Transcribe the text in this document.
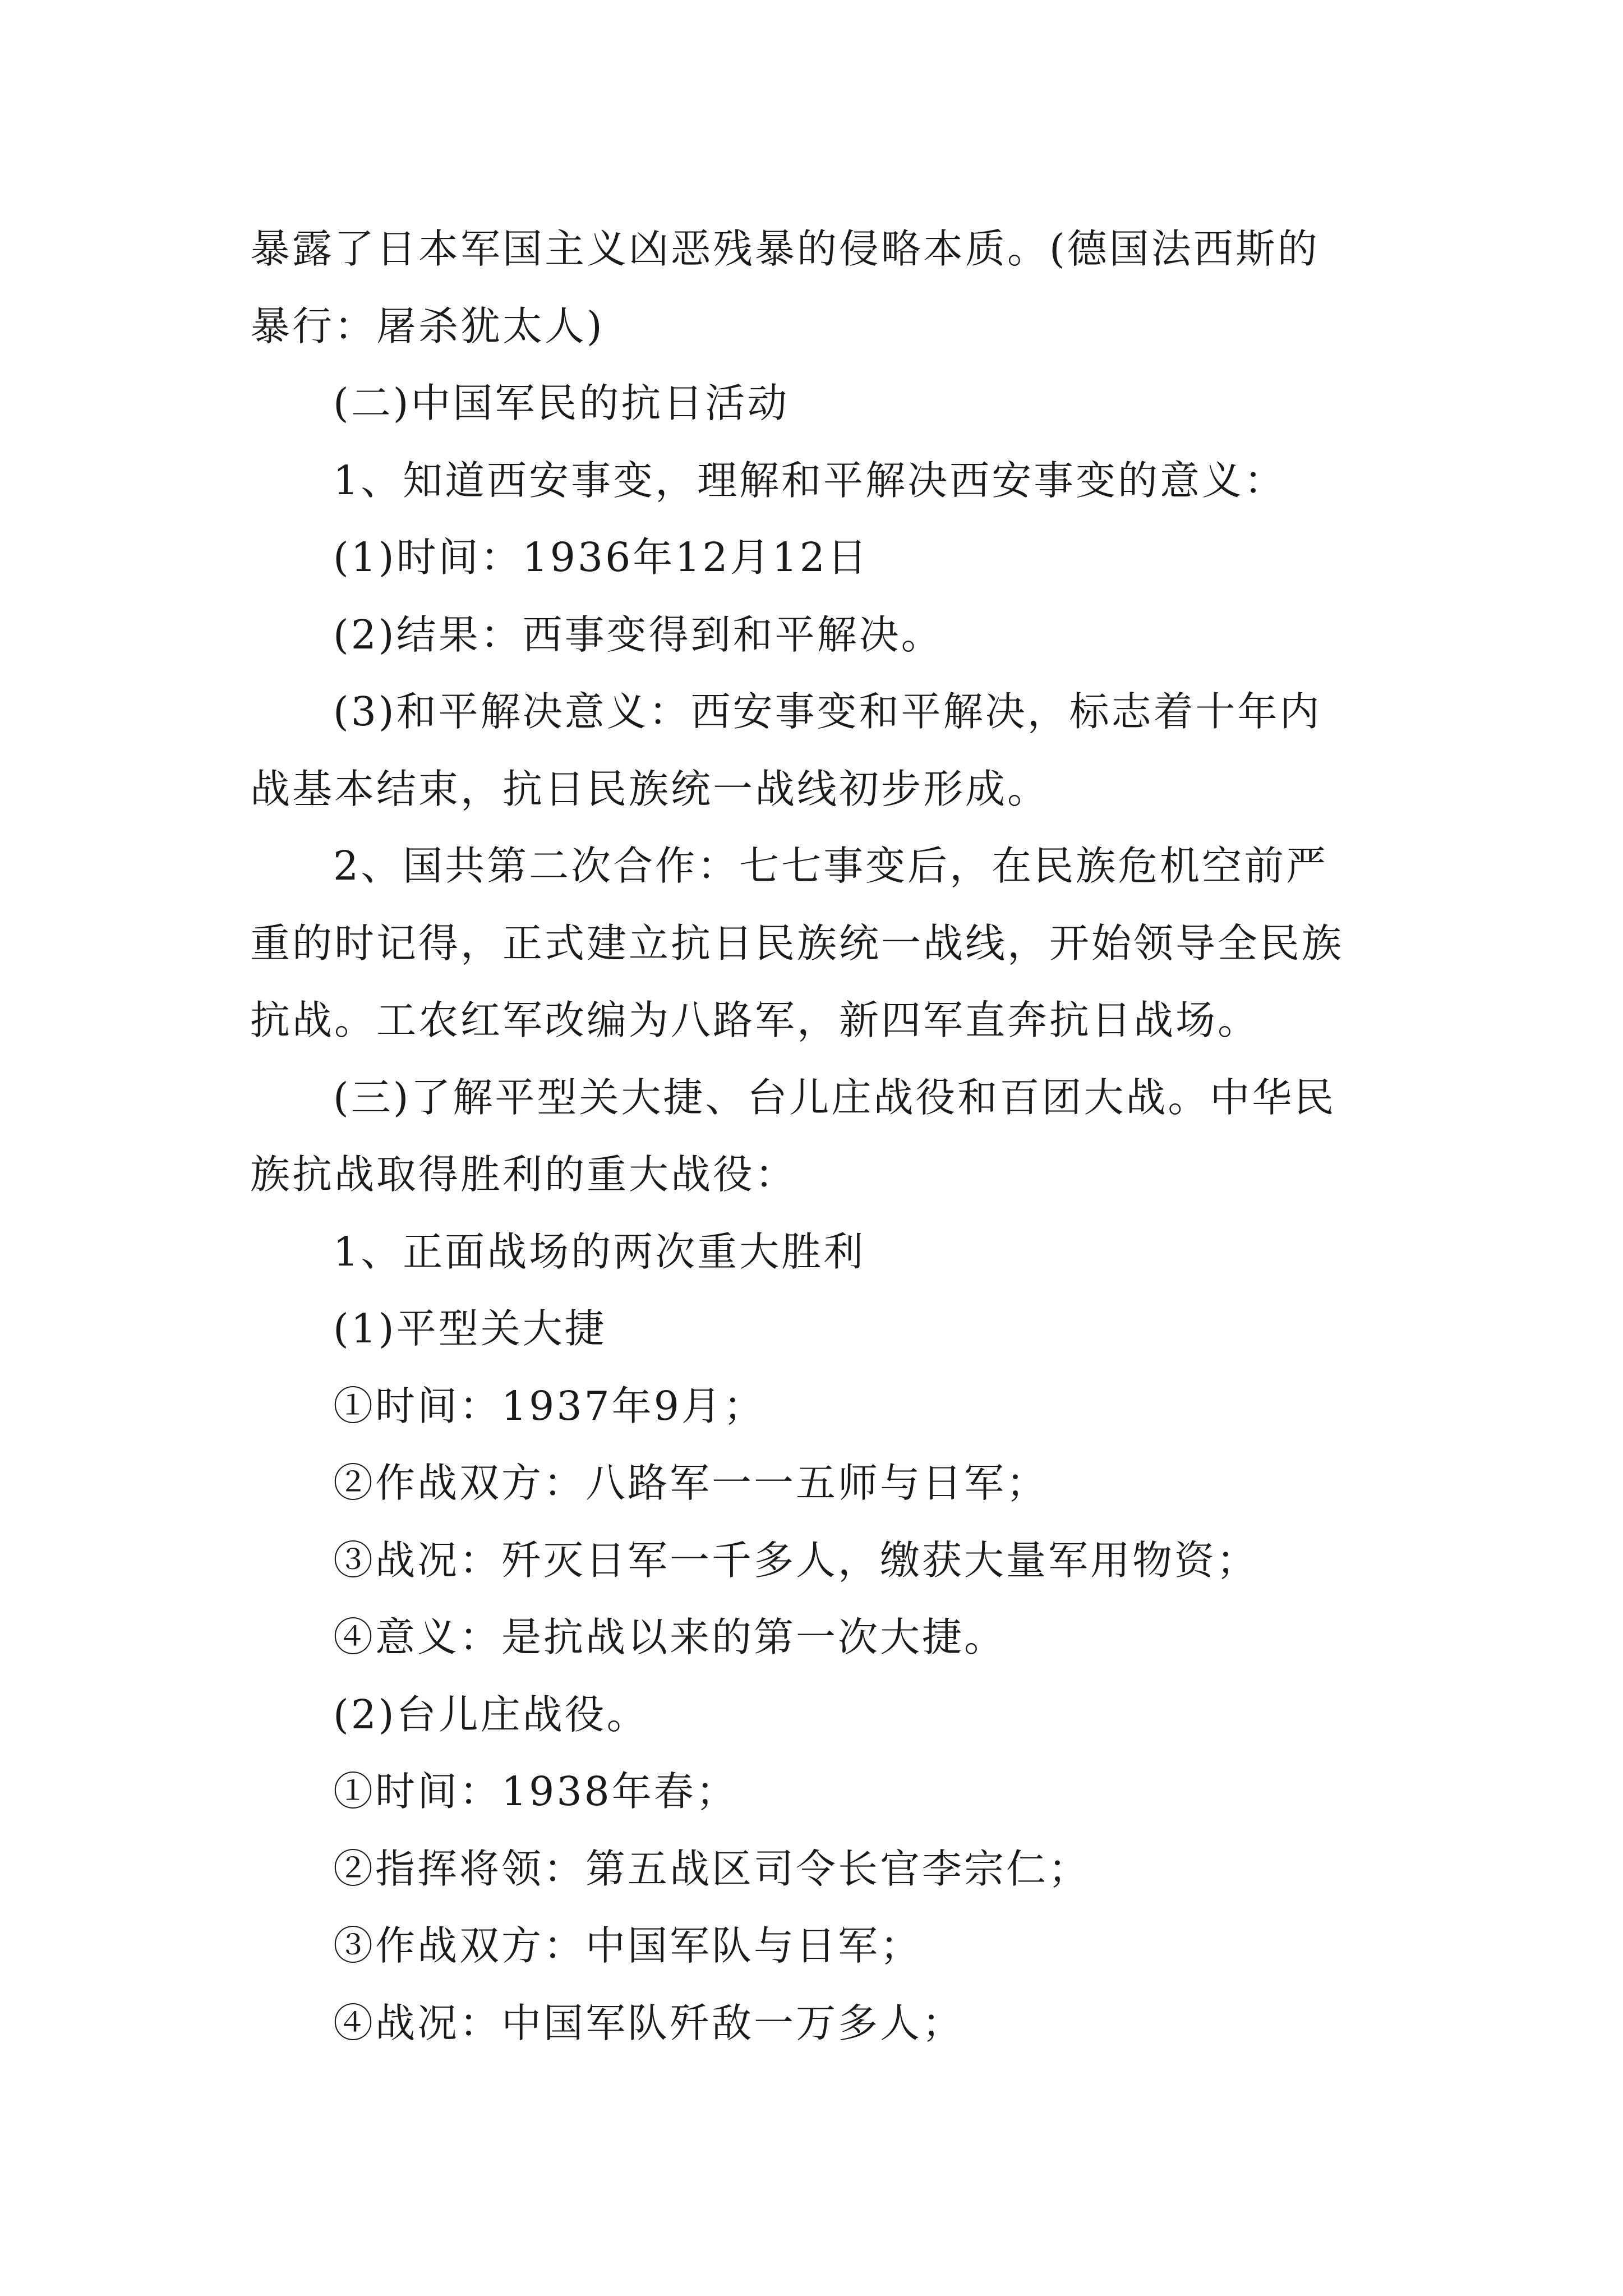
暴露了日本军国主义凶恶残暴的侵略本质。(德国法西斯的
暴行：屠杀犹太人)
(二)中国军民的抗日活动
1、知道西安事变，理解和平解决西安事变的意义：
(1)时间：1936年12月12日
(2)结果：西事变得到和平解决。
(3)和平解决意义：西安事变和平解决，标志着十年内
战基本结束，抗日民族统一战线初步形成。
2、国共第二次合作：七七事变后，在民族危机空前严
重的时记得，正式建立抗日民族统一战线，开始领导全民族
抗战。工农红军改编为八路军，新四军直奔抗日战场。
(三)了解平型关大捷、台儿庄战役和百团大战。中华民
族抗战取得胜利的重大战役：
1、正面战场的两次重大胜利
(1)平型关大捷
①时间：1937年9月；
②作战双方：八路军一一五师与日军；
③战况：歼灭日军一千多人，缴获大量军用物资；
④意义：是抗战以来的第一次大捷。
(2)台儿庄战役。
①时间：1938年春；
②指挥将领：第五战区司令长官李宗仁；
③作战双方：中国军队与日军；
④战况：中国军队歼敌一万多人；
